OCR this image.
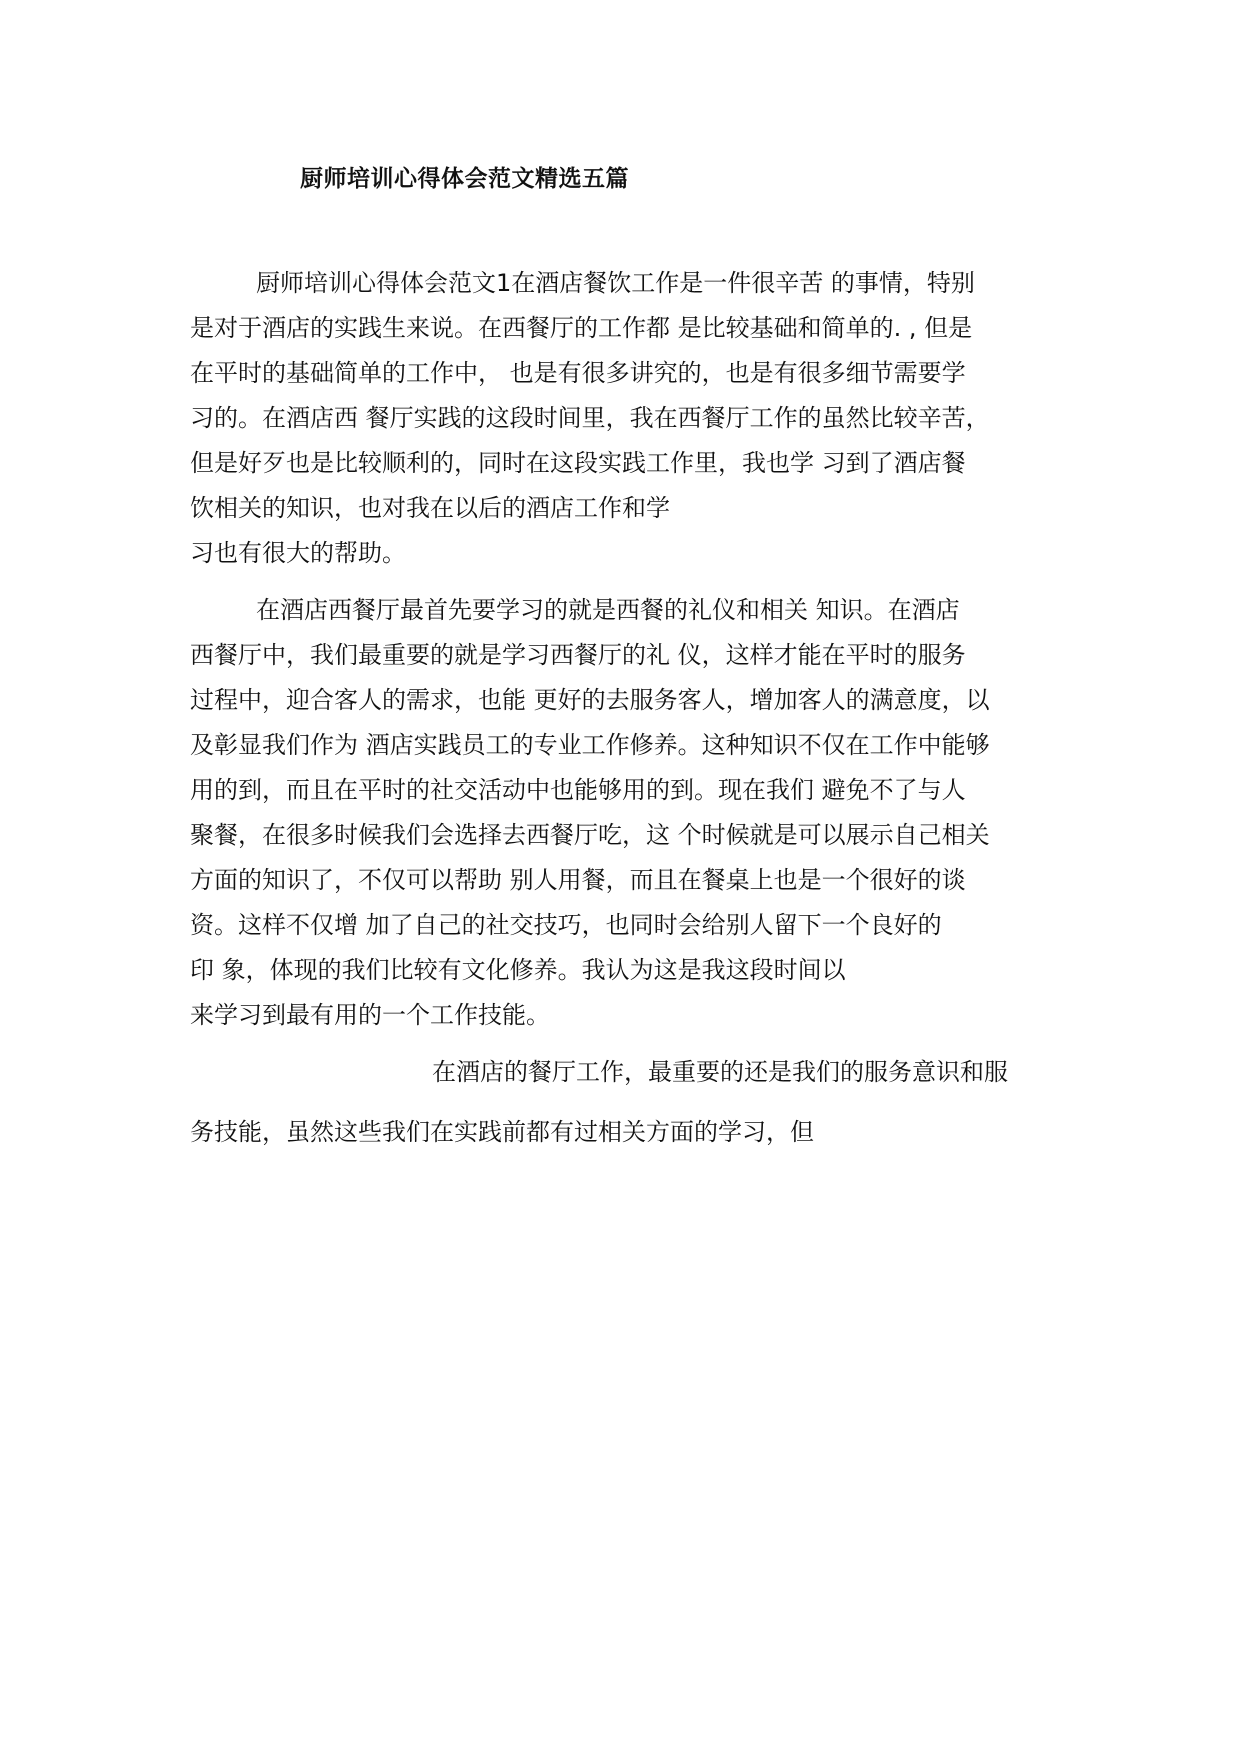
厨师培训心得体会范文精选五篇
厨师培训心得体会范文1在酒店餐饮工作是一件很辛苦 的事情，特别
是对于酒店的实践生来说。在西餐厅的工作都 是比较基础和简单的. , 但是
在平时的基础简单的工作中， 也是有很多讲究的，也是有很多细节需要学
习的。在酒店西 餐厅实践的这段时间里，我在西餐厅工作的虽然比较辛苦，
但是好歹也是比较顺利的，同时在这段实践工作里，我也学 习到了酒店餐
饮相关的知识，也对我在以后的酒店工作和学
习也有很大的帮助。
在酒店西餐厅最首先要学习的就是西餐的礼仪和相关 知识。在酒店
西餐厅中，我们最重要的就是学习西餐厅的礼 仪，这样才能在平时的服务
过程中，迎合客人的需求，也能 更好的去服务客人，增加客人的满意度，以
及彰显我们作为 酒店实践员工的专业工作修养。这种知识不仅在工作中能够
用的到，而且在平时的社交活动中也能够用的到。现在我们 避免不了与人
聚餐，在很多时候我们会选择去西餐厅吃，这 个时候就是可以展示自己相关
方面的知识了，不仅可以帮助 别人用餐，而且在餐桌上也是一个很好的谈
资。这样不仅增 加了自己的社交技巧，也同时会给别人留下一个良好的
印 象，体现的我们比较有文化修养。我认为这是我这段时间以
来学习到最有用的一个工作技能。
在酒店的餐厅工作，最重要的还是我们的服务意识和服
务技能，虽然这些我们在实践前都有过相关方面的学习，但
